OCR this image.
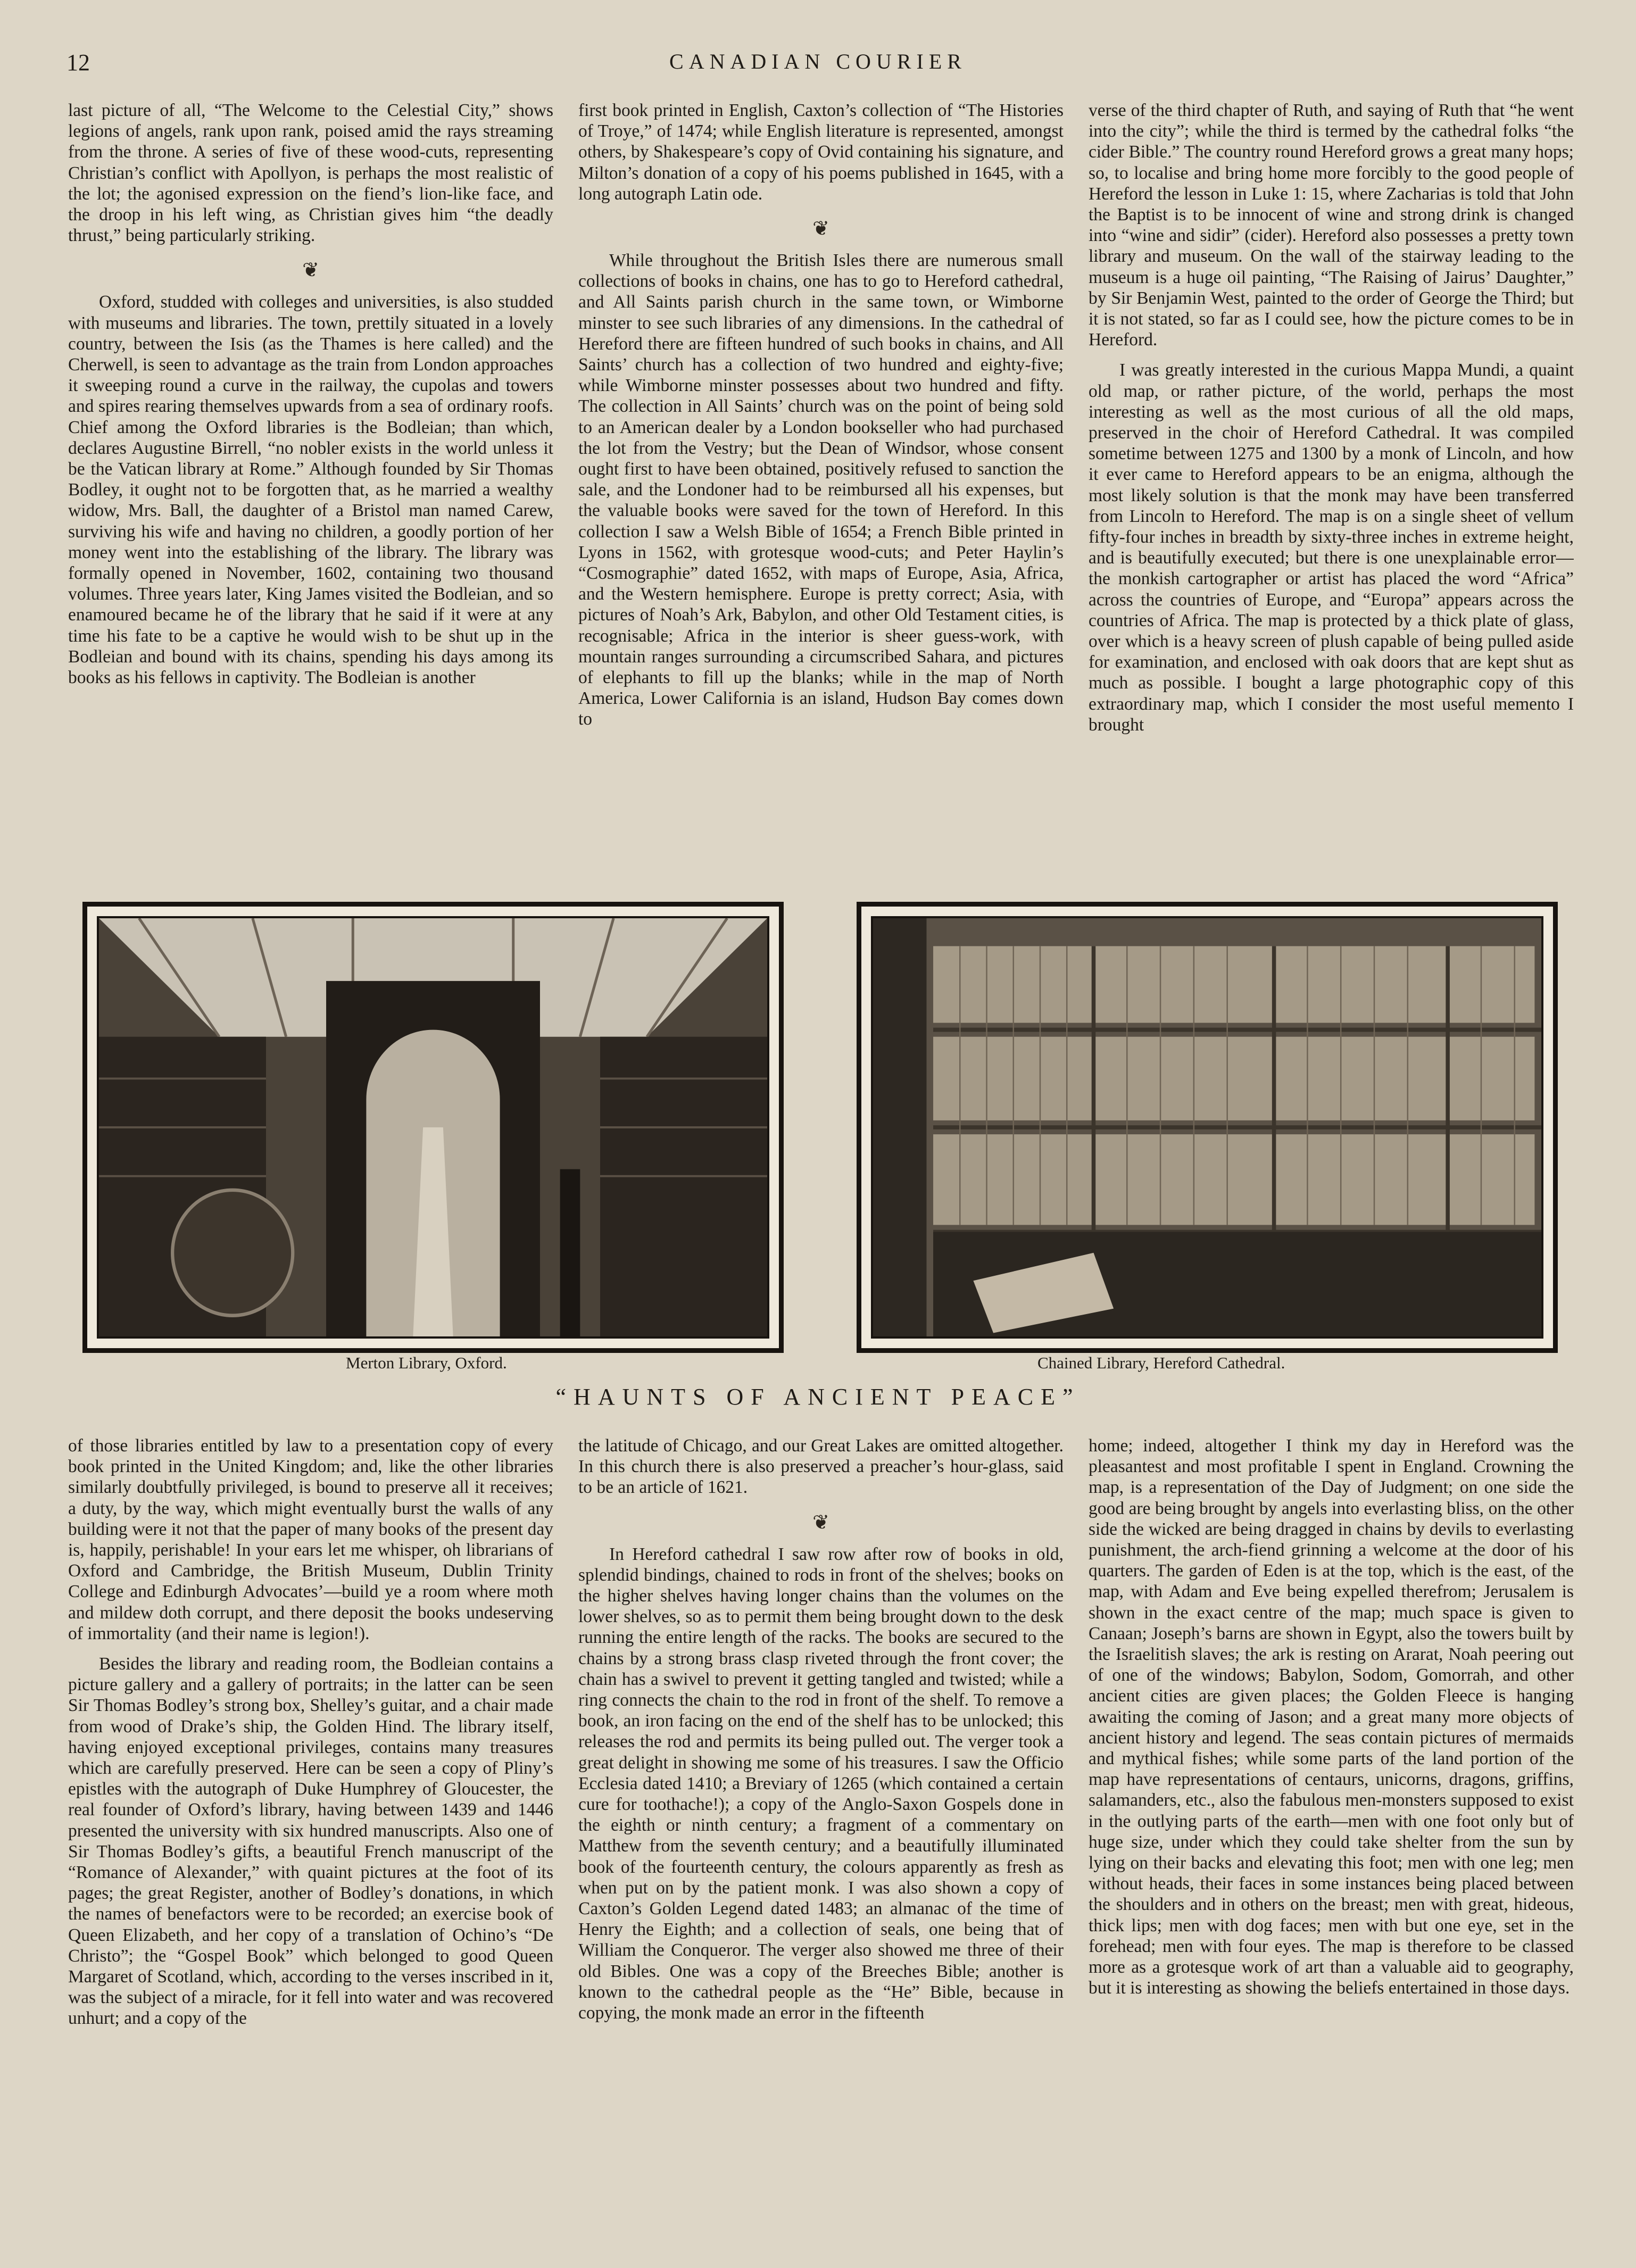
12	CANADIAN COURIER

last picture of all, “The Welcome to the Celestial City,” shows legions of angels, rank upon rank, poised amid the rays streaming from the throne. A series of five of these wood-cuts, representing Christian’s conflict with Apollyon, is perhaps the most realistic of the lot; the agonised expression on the fiend’s lion-like face, and the droop in his left wing, as Christian gives him “the deadly thrust,” being particularly striking.

❦

Oxford, studded with colleges and universities, is also studded with museums and libraries. The town, prettily situated in a lovely country, between the Isis (as the Thames is here called) and the Cherwell, is seen to advantage as the train from London approaches it sweeping round a curve in the railway, the cupolas and towers and spires rearing themselves upwards from a sea of ordinary roofs. Chief among the Oxford libraries is the Bodleian; than which, declares Augustine Birrell, “no nobler exists in the world unless it be the Vatican library at Rome.” Although founded by Sir Thomas Bodley, it ought not to be forgotten that, as he married a wealthy widow, Mrs. Ball, the daughter of a Bristol man named Carew, surviving his wife and having no children, a goodly portion of her money went into the establishing of the library. The library was formally opened in November, 1602, containing two thousand volumes. Three years later, King James visited the Bodleian, and so enamoured became he of the library that he said if it were at any time his fate to be a captive he would wish to be shut up in the Bodleian and bound with its chains, spending his days among its books as his fellows in captivity. The Bodleian is another

first book printed in English, Caxton’s collection of “The Histories of Troye,” of 1474; while English literature is represented, amongst others, by Shakespeare’s copy of Ovid containing his signature, and Milton’s donation of a copy of his poems published in 1645, with a long autograph Latin ode.

❦

While throughout the British Isles there are numerous small collections of books in chains, one has to go to Hereford cathedral, and All Saints parish church in the same town, or Wimborne minster to see such libraries of any dimensions. In the cathedral of Hereford there are fifteen hundred of such books in chains, and All Saints’ church has a collection of two hundred and eighty-five; while Wimborne minster possesses about two hundred and fifty. The collection in All Saints’ church was on the point of being sold to an American dealer by a London bookseller who had purchased the lot from the Vestry; but the Dean of Windsor, whose consent ought first to have been obtained, positively refused to sanction the sale, and the Londoner had to be reimbursed all his expenses, but the valuable books were saved for the town of Hereford. In this collection I saw a Welsh Bible of 1654; a French Bible printed in Lyons in 1562, with grotesque wood-cuts; and Peter Haylin’s “Cosmographie” dated 1652, with maps of Europe, Asia, Africa, and the Western hemisphere. Europe is pretty correct; Asia, with pictures of Noah’s Ark, Babylon, and other Old Testament cities, is recognisable; Africa in the interior is sheer guess-work, with mountain ranges surrounding a circumscribed Sahara, and pictures of elephants to fill up the blanks; while in the map of North America, Lower California is an island, Hudson Bay comes down to

verse of the third chapter of Ruth, and saying of Ruth that “he went into the city”; while the third is termed by the cathedral folks “the cider Bible.” The country round Hereford grows a great many hops; so, to localise and bring home more forcibly to the good people of Hereford the lesson in Luke 1: 15, where Zacharias is told that John the Baptist is to be innocent of wine and strong drink is changed into “wine and sidir” (cider). Hereford also possesses a pretty town library and museum. On the wall of the stairway leading to the museum is a huge oil painting, “The Raising of Jairus’ Daughter,” by Sir Benjamin West, painted to the order of George the Third; but it is not stated, so far as I could see, how the picture comes to be in Hereford.

I was greatly interested in the curious Mappa Mundi, a quaint old map, or rather picture, of the world, perhaps the most interesting as well as the most curious of all the old maps, preserved in the choir of Hereford Cathedral. It was compiled sometime between 1275 and 1300 by a monk of Lincoln, and how it ever came to Hereford appears to be an enigma, although the most likely solution is that the monk may have been transferred from Lincoln to Hereford. The map is on a single sheet of vellum fifty-four inches in breadth by sixty-three inches in extreme height, and is beautifully executed; but there is one unexplainable error—the monkish cartographer or artist has placed the word “Africa” across the countries of Europe, and “Europa” appears across the countries of Africa. The map is protected by a thick plate of glass, over which is a heavy screen of plush capable of being pulled aside for examination, and enclosed with oak doors that are kept shut as much as possible. I bought a large photographic copy of this extraordinary map, which I consider the most useful memento I brought

Merton Library, Oxford.	Chained Library, Hereford Cathedral.
“HAUNTS OF ANCIENT PEACE”

of those libraries entitled by law to a presentation copy of every book printed in the United Kingdom; and, like the other libraries similarly doubtfully privileged, is bound to preserve all it receives; a duty, by the way, which might eventually burst the walls of any building were it not that the paper of many books of the present day is, happily, perishable! In your ears let me whisper, oh librarians of Oxford and Cambridge, the British Museum, Dublin Trinity College and Edinburgh Advocates’—build ye a room where moth and mildew doth corrupt, and there deposit the books undeserving of immortality (and their name is legion!).

Besides the library and reading room, the Bodleian contains a picture gallery and a gallery of portraits; in the latter can be seen Sir Thomas Bodley’s strong box, Shelley’s guitar, and a chair made from wood of Drake’s ship, the Golden Hind. The library itself, having enjoyed exceptional privileges, contains many treasures which are carefully preserved. Here can be seen a copy of Pliny’s epistles with the autograph of Duke Humphrey of Gloucester, the real founder of Oxford’s library, having between 1439 and 1446 presented the university with six hundred manuscripts. Also one of Sir Thomas Bodley’s gifts, a beautiful French manuscript of the “Romance of Alexander,” with quaint pictures at the foot of its pages; the great Register, another of Bodley’s donations, in which the names of benefactors were to be recorded; an exercise book of Queen Elizabeth, and her copy of a translation of Ochino’s “De Christo”; the “Gospel Book” which belonged to good Queen Margaret of Scotland, which, according to the verses inscribed in it, was the subject of a miracle, for it fell into water and was recovered unhurt; and a copy of the

the latitude of Chicago, and our Great Lakes are omitted altogether. In this church there is also preserved a preacher’s hour-glass, said to be an article of 1621.

❦

In Hereford cathedral I saw row after row of books in old, splendid bindings, chained to rods in front of the shelves; books on the higher shelves having longer chains than the volumes on the lower shelves, so as to permit them being brought down to the desk running the entire length of the racks. The books are secured to the chains by a strong brass clasp riveted through the front cover; the chain has a swivel to prevent it getting tangled and twisted; while a ring connects the chain to the rod in front of the shelf. To remove a book, an iron facing on the end of the shelf has to be unlocked; this releases the rod and permits its being pulled out. The verger took a great delight in showing me some of his treasures. I saw the Officio Ecclesia dated 1410; a Breviary of 1265 (which contained a certain cure for toothache!); a copy of the Anglo-Saxon Gospels done in the eighth or ninth century; a fragment of a commentary on Matthew from the seventh century; and a beautifully illuminated book of the fourteenth century, the colours apparently as fresh as when put on by the patient monk. I was also shown a copy of Caxton’s Golden Legend dated 1483; an almanac of the time of Henry the Eighth; and a collection of seals, one being that of William the Conqueror. The verger also showed me three of their old Bibles. One was a copy of the Breeches Bible; another is known to the cathedral people as the “He” Bible, because in copying, the monk made an error in the fifteenth

home; indeed, altogether I think my day in Hereford was the pleasantest and most profitable I spent in England. Crowning the map, is a representation of the Day of Judgment; on one side the good are being brought by angels into everlasting bliss, on the other side the wicked are being dragged in chains by devils to everlasting punishment, the arch-fiend grinning a welcome at the door of his quarters. The garden of Eden is at the top, which is the east, of the map, with Adam and Eve being expelled therefrom; Jerusalem is shown in the exact centre of the map; much space is given to Canaan; Joseph’s barns are shown in Egypt, also the towers built by the Israelitish slaves; the ark is resting on Ararat, Noah peering out of one of the windows; Babylon, Sodom, Gomorrah, and other ancient cities are given places; the Golden Fleece is hanging awaiting the coming of Jason; and a great many more objects of ancient history and legend. The seas contain pictures of mermaids and mythical fishes; while some parts of the land portion of the map have representations of centaurs, unicorns, dragons, griffins, salamanders, etc., also the fabulous men-monsters supposed to exist in the outlying parts of the earth—men with one foot only but of huge size, under which they could take shelter from the sun by lying on their backs and elevating this foot; men with one leg; men without heads, their faces in some instances being placed between the shoulders and in others on the breast; men with great, hideous, thick lips; men with dog faces; men with but one eye, set in the forehead; men with four eyes. The map is therefore to be classed more as a grotesque work of art than a valuable aid to geography, but it is interesting as showing the beliefs entertained in those days.
